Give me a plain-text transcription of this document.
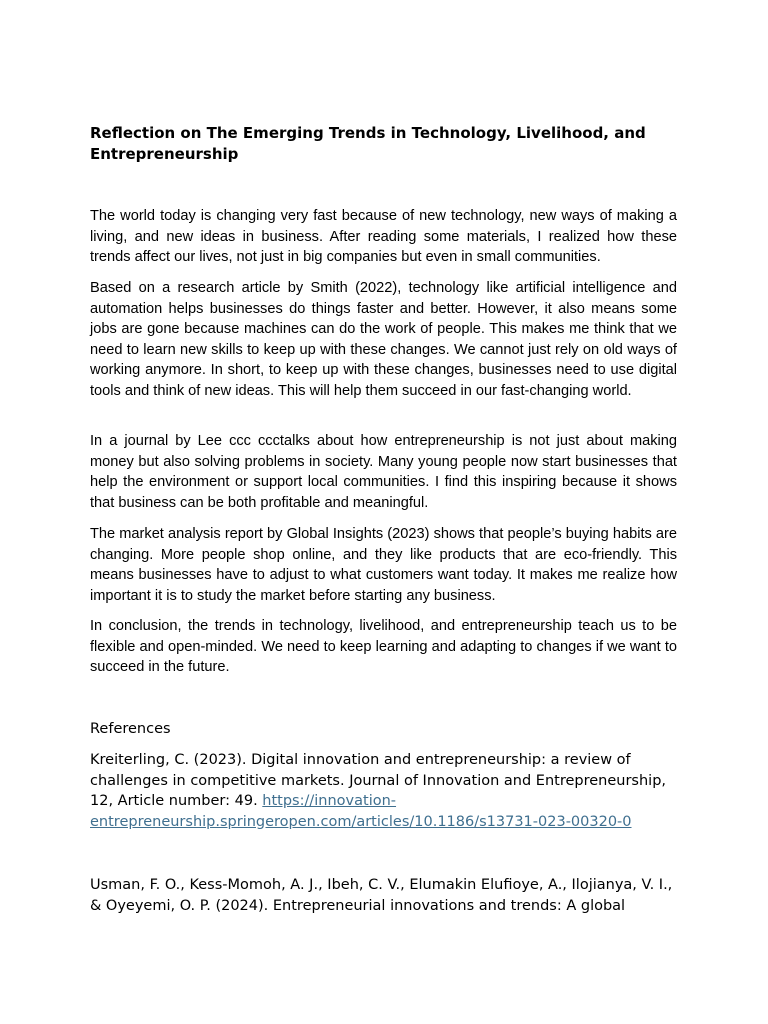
Reflection on The Emerging Trends in Technology, Livelihood, and Entrepreneurship

The world today is changing very fast because of new technology, new ways of making a living, and new ideas in business. After reading some materials, I realized how these trends affect our lives, not just in big companies but even in small communities.

Based on a research article by Smith (2022), technology like artificial intelligence and automation helps businesses do things faster and better. However, it also means some jobs are gone because machines can do the work of people. This makes me think that we need to learn new skills to keep up with these changes. We cannot just rely on old ways of working anymore. In short, to keep up with these changes, businesses need to use digital tools and think of new ideas. This will help them succeed in our fast-changing world.

In a journal by Lee ccc ccctalks about how entrepreneurship is not just about making money but also solving problems in society. Many young people now start businesses that help the environment or support local communities. I find this inspiring because it shows that business can be both profitable and meaningful.

The market analysis report by Global Insights (2023) shows that people’s buying habits are changing. More people shop online, and they like products that are eco-friendly. This means businesses have to adjust to what customers want today. It makes me realize how important it is to study the market before starting any business.

In conclusion, the trends in technology, livelihood, and entrepreneurship teach us to be flexible and open-minded. We need to keep learning and adapting to changes if we want to succeed in the future.

References

Kreiterling, C. (2023). Digital innovation and entrepreneurship: a review of challenges in competitive markets. Journal of Innovation and Entrepreneurship, 12, Article number: 49. https://innovation-entrepreneurship.springeropen.com/articles/10.1186/s13731-023-00320-0

Usman, F. O., Kess-Momoh, A. J., Ibeh, C. V., Elumakin Elufioye, A., Ilojianya, V. I., & Oyeyemi, O. P. (2024). Entrepreneurial innovations and trends: A global
